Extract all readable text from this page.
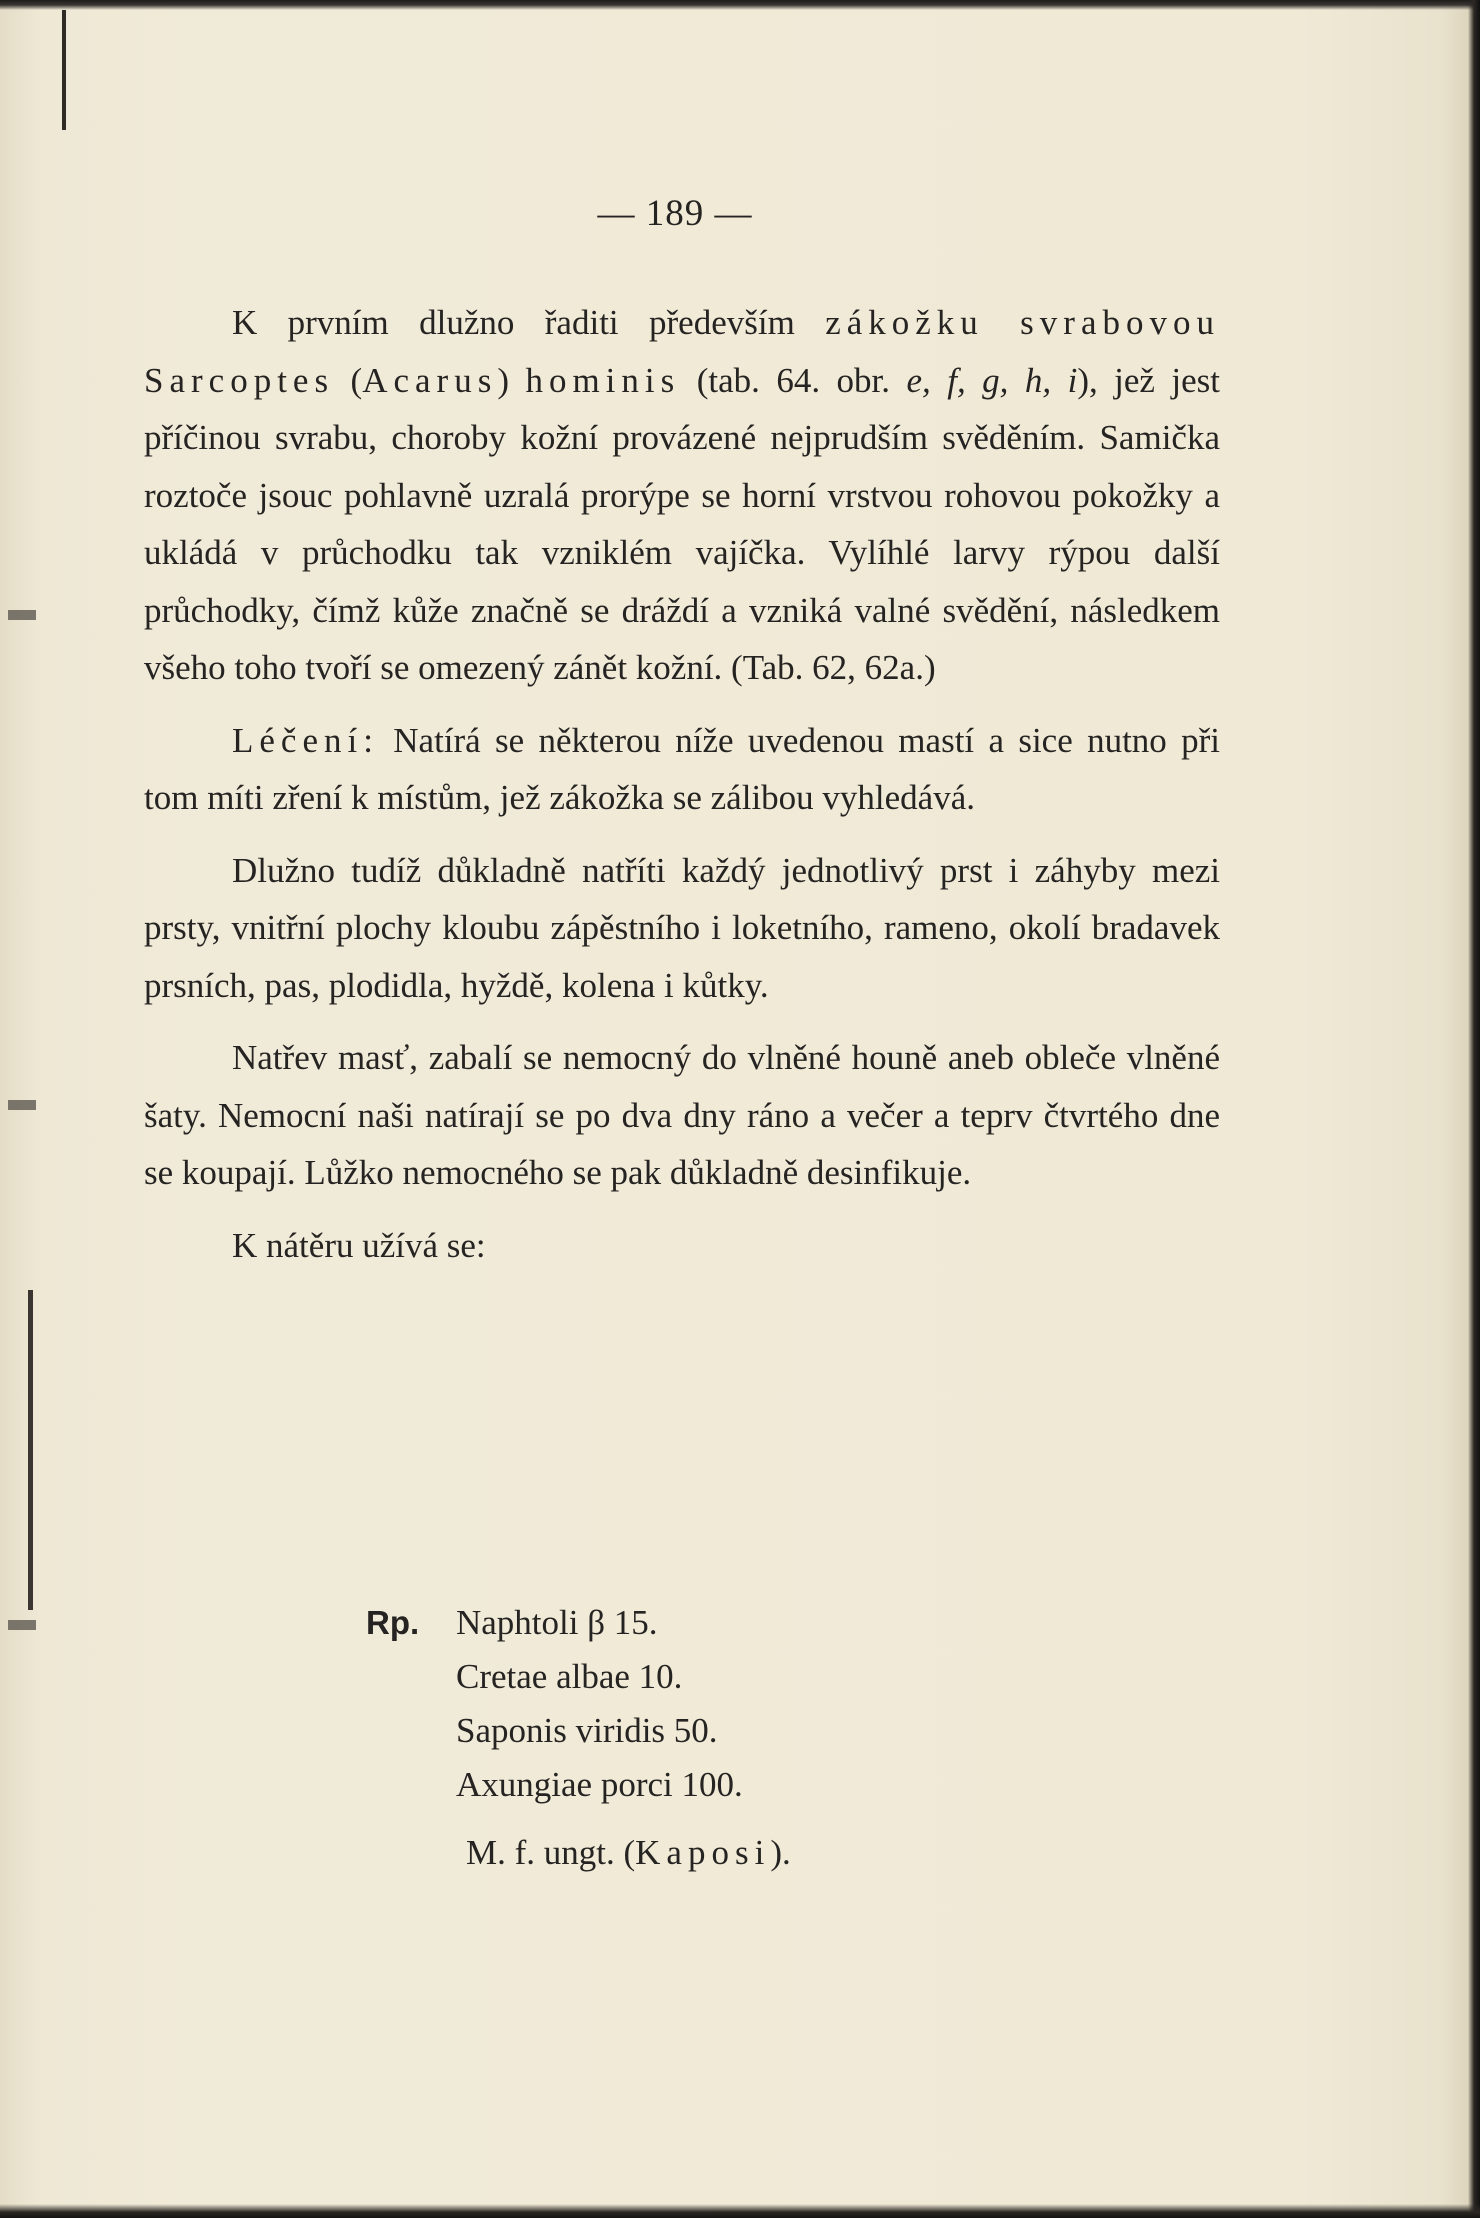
— 189 —

K prvním dlužno řaditi především zákožku svrabovou Sarcoptes (Acarus) hominis (tab. 64. obr. e, f, g, h, i), jež jest příčinou svrabu, choroby kožní provázené nejprudším svěděním. Samička roztoče jsouc pohlavně uzralá prorýpe se horní vrstvou rohovou pokožky a ukládá v průchodku tak vzniklém vajíčka. Vylíhlé larvy rýpou další průchodky, čímž kůže značně se dráždí a vzniká valné svědění, následkem všeho toho tvoří se omezený zánět kožní. (Tab. 62, 62a.)

Léčení: Natírá se některou níže uvedenou mastí a sice nutno při tom míti zření k místům, jež zákožka se zálibou vyhledává.

Dlužno tudíž důkladně natříti každý jednotlivý prst i záhyby mezi prsty, vnitřní plochy kloubu zápěstního i loketního, rameno, okolí bradavek prsních, pas, plodidla, hyždě, kolena i kůtky.

Natřev masť, zabalí se nemocný do vlněné houně aneb obleče vlněné šaty. Nemocní naši natírají se po dva dny ráno a večer a teprv čtvrtého dne se koupají. Lůžko nemocného se pak důkladně desinfikuje.

K nátěru užívá se:

Rp. Naphtoli β 15.
Cretae albae 10.
Saponis viridis 50.
Axungiae porci 100.
M. f. ungt. (Kaposi).
